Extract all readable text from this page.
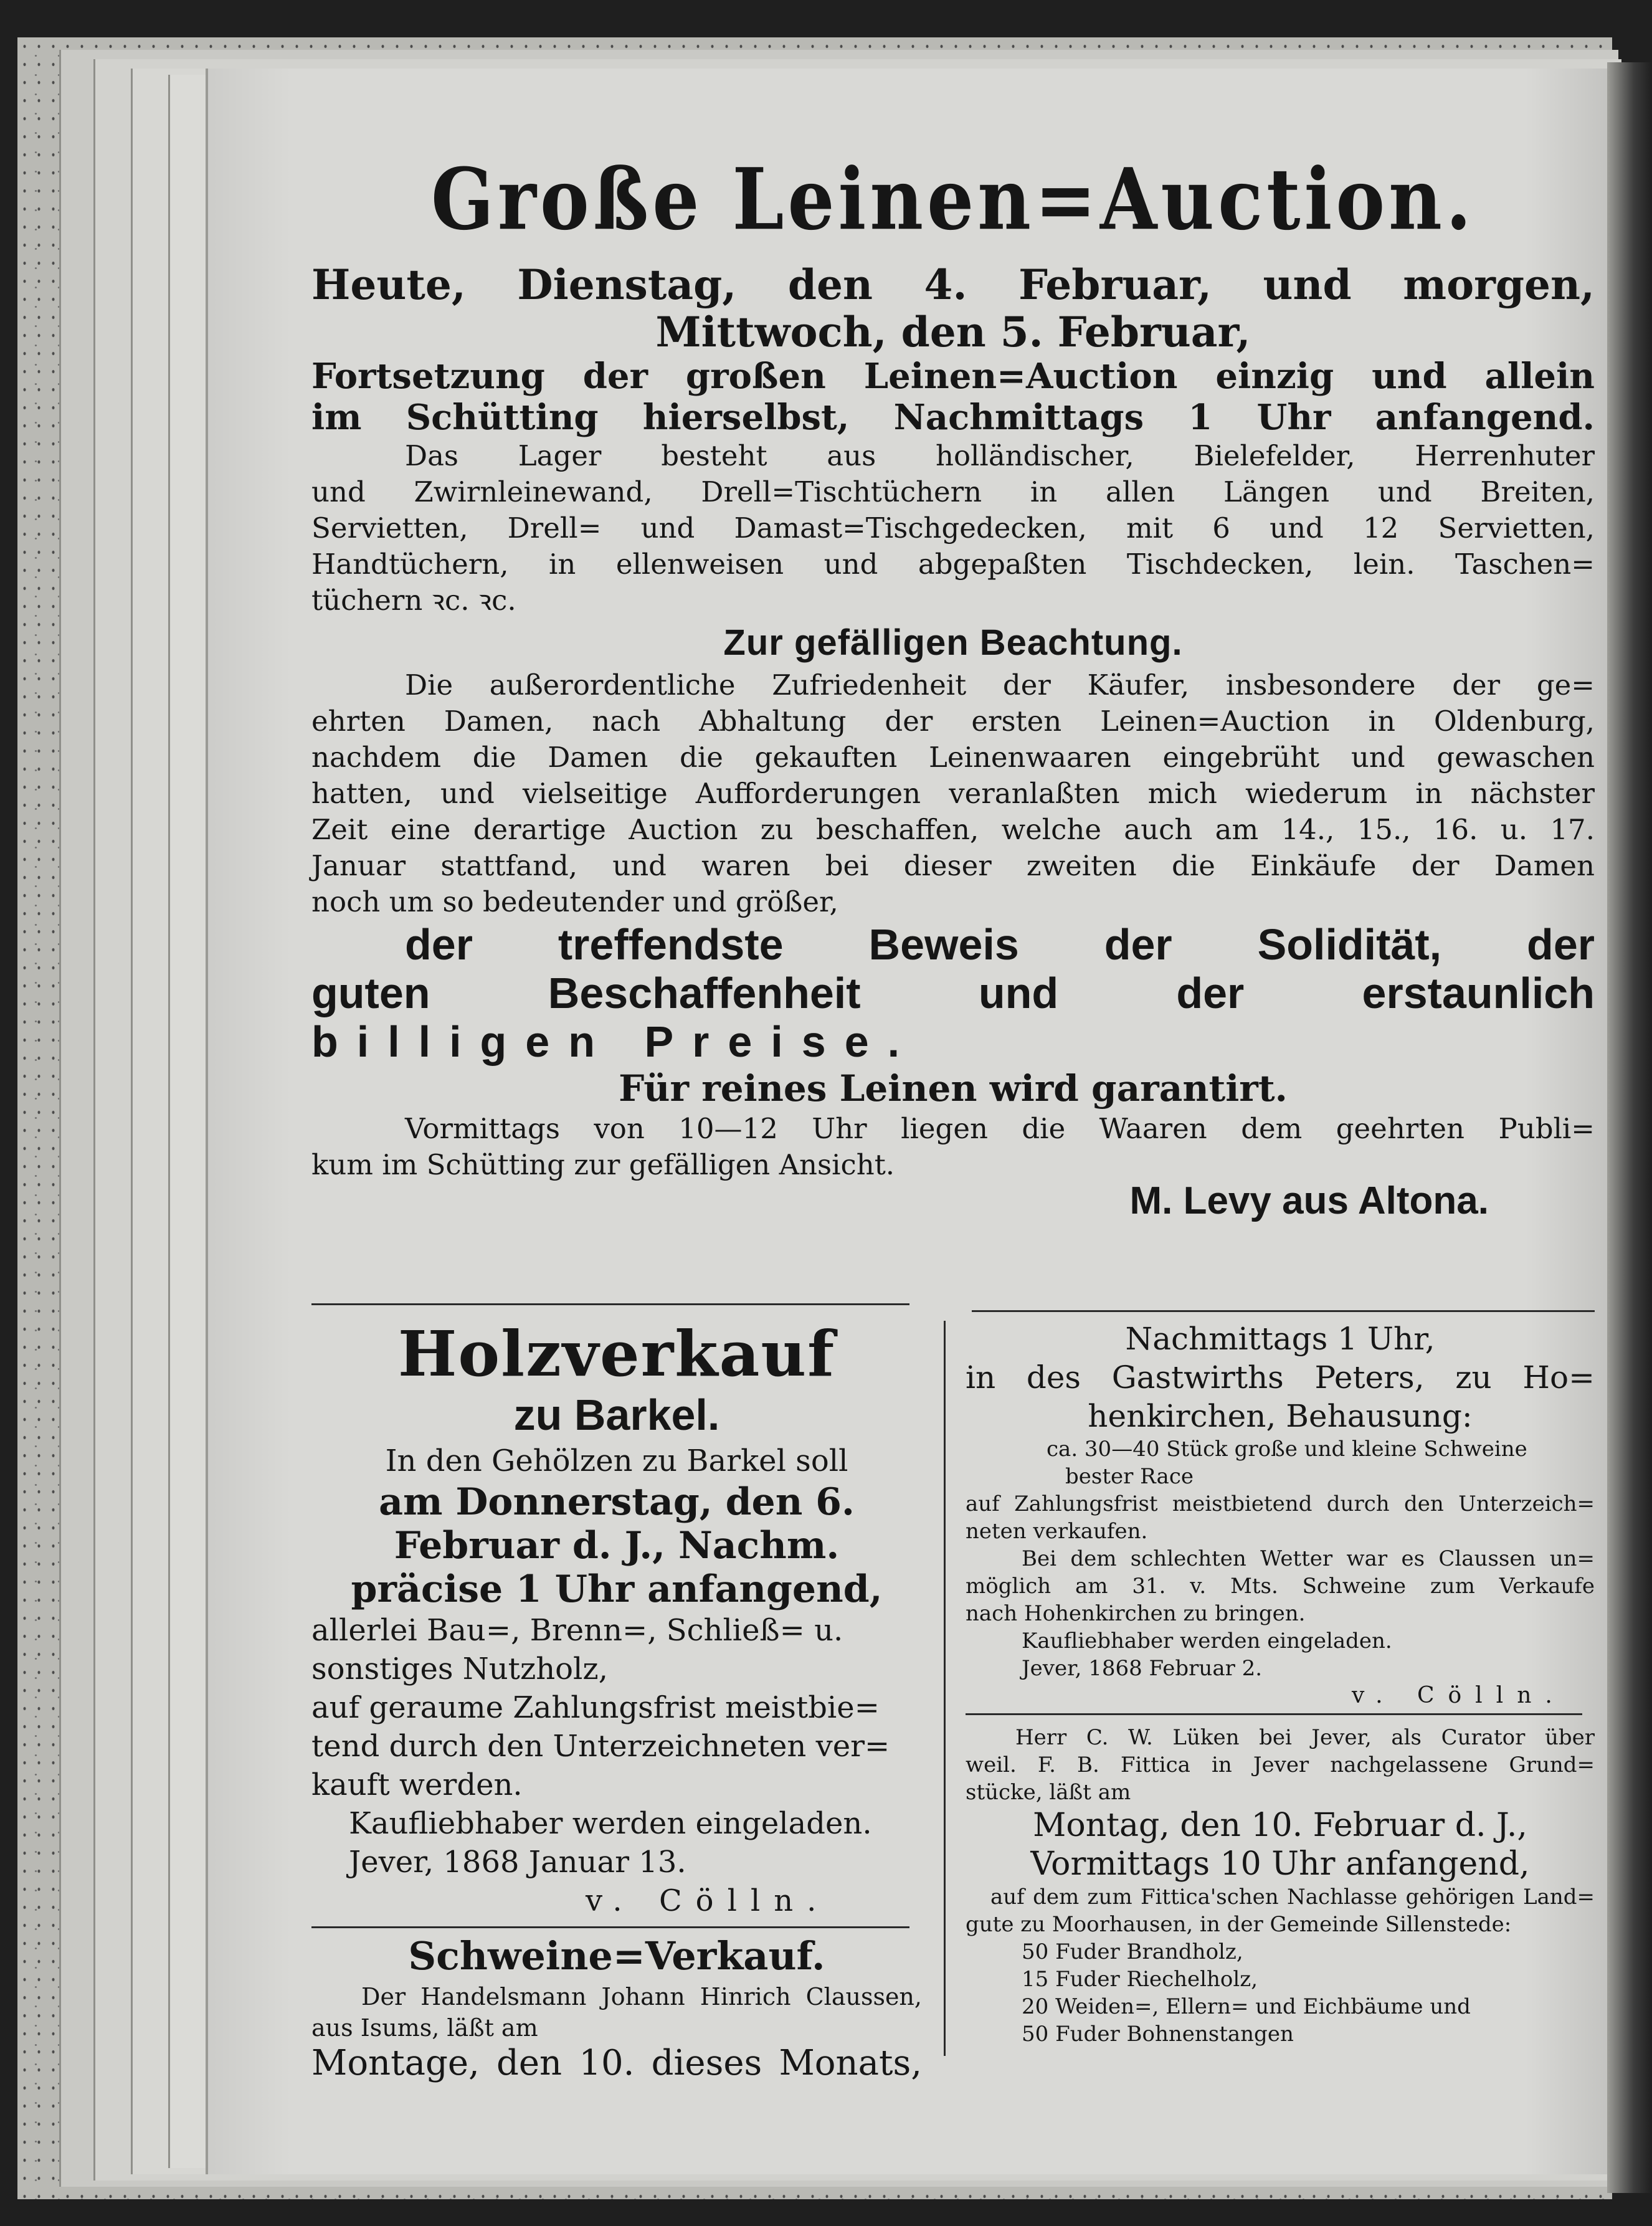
Große Leinen=Auction.
Heute, Dienstag, den 4. Februar, und morgen,
Mittwoch, den 5. Februar,
Fortsetzung der großen Leinen=Auction einzig und allein
im Schütting hierselbst, Nachmittags 1 Uhr anfangend.
Das Lager besteht aus holländischer, Bielefelder, Herrenhuter
und Zwirnleinewand, Drell=Tischtüchern in allen Längen und Breiten,
Servietten, Drell= und Damast=Tischgedecken, mit 6 und 12 Servietten,
Handtüchern, in ellenweisen und abgepaßten Tischdecken, lein. Taschen=
tüchern ꝛc. ꝛc.
Zur gefälligen Beachtung.
Die außerordentliche Zufriedenheit der Käufer, insbesondere der ge=
ehrten Damen, nach Abhaltung der ersten Leinen=Auction in Oldenburg,
nachdem die Damen die gekauften Leinenwaaren eingebrüht und gewaschen
hatten, und vielseitige Aufforderungen veranlaßten mich wiederum in nächster
Zeit eine derartige Auction zu beschaffen, welche auch am 14., 15., 16. u. 17.
Januar stattfand, und waren bei dieser zweiten die Einkäufe der Damen
noch um so bedeutender und größer,
der treffendste Beweis der Solidität, der
guten Beschaffenheit und der erstaunlich
billigen Preise.
Für reines Leinen wird garantirt.
Vormittags von 10—12 Uhr liegen die Waaren dem geehrten Publi=
kum im Schütting zur gefälligen Ansicht.
M. Levy aus Altona.
Holzverkauf
zu Barkel.
In den Gehölzen zu Barkel soll
am Donnerstag, den 6.
Februar d. J., Nachm.
präcise 1 Uhr anfangend,
allerlei Bau=, Brenn=, Schließ= u.
sonstiges Nutzholz,
auf geraume Zahlungsfrist meistbie=
tend durch den Unterzeichneten ver=
kauft werden.
Kaufliebhaber werden eingeladen.
Jever, 1868 Januar 13.
v. Cölln.
Schweine=Verkauf.
Der Handelsmann Johann Hinrich Claussen,
aus Isums, läßt am
Montage, den 10. dieses Monats,
Nachmittags 1 Uhr,
in des Gastwirths Peters, zu Ho=
henkirchen, Behausung:
ca. 30—40 Stück große und kleine Schweine
bester Race
auf Zahlungsfrist meistbietend durch den Unterzeich=
neten verkaufen.
Bei dem schlechten Wetter war es Claussen un=
möglich am 31. v. Mts. Schweine zum Verkaufe
nach Hohenkirchen zu bringen.
Kaufliebhaber werden eingeladen.
Jever, 1868 Februar 2.
v. Cölln.
Herr C. W. Lüken bei Jever, als Curator über
weil. F. B. Fittica in Jever nachgelassene Grund=
stücke, läßt am
Montag, den 10. Februar d. J.,
Vormittags 10 Uhr anfangend,
auf dem zum Fittica'schen Nachlasse gehörigen Land=
gute zu Moorhausen, in der Gemeinde Sillenstede:
50 Fuder Brandholz,
15 Fuder Riechelholz,
20 Weiden=, Ellern= und Eichbäume und
50 Fuder Bohnenstangen
